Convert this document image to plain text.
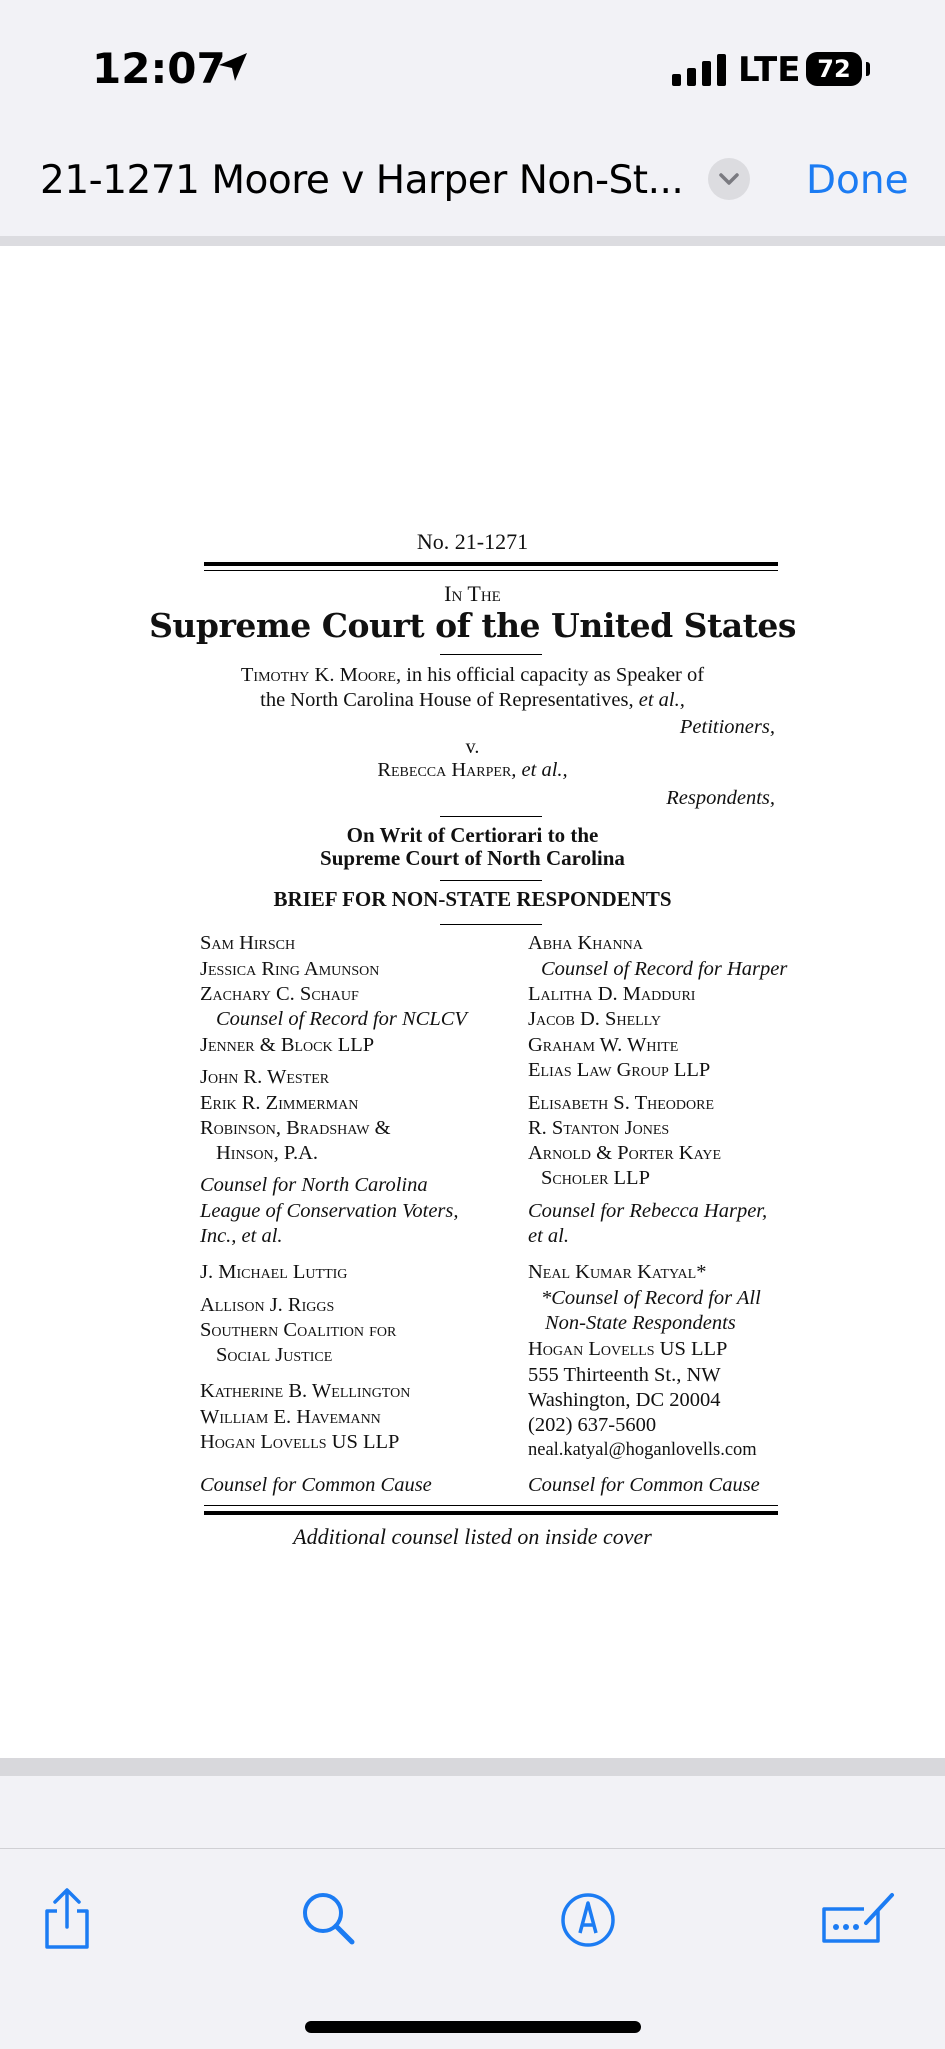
12:07	LTE 72
21-1271 Moore v Harper Non-St...	Done
No. 21-1271
In The
Supreme Court of the United States
Timothy K. Moore, in his official capacity as Speaker of
the North Carolina House of Representatives, et al.,
Petitioners,
v.
Rebecca Harper, et al.,
Respondents,
On Writ of Certiorari to the
Supreme Court of North Carolina
BRIEF FOR NON-STATE RESPONDENTS
Sam Hirsch
Jessica Ring Amunson
Zachary C. Schauf
Counsel of Record for NCLCV
Jenner & Block LLP
John R. Wester
Erik R. Zimmerman
Robinson, Bradshaw &
Hinson, P.A.
Counsel for North Carolina
League of Conservation Voters,
Inc., et al.
J. Michael Luttig
Allison J. Riggs
Southern Coalition for
Social Justice
Katherine B. Wellington
William E. Havemann
Hogan Lovells US LLP
Counsel for Common Cause
Abha Khanna
Counsel of Record for Harper
Lalitha D. Madduri
Jacob D. Shelly
Graham W. White
Elias Law Group LLP
Elisabeth S. Theodore
R. Stanton Jones
Arnold & Porter Kaye
Scholer LLP
Counsel for Rebecca Harper,
et al.
Neal Kumar Katyal*
*Counsel of Record for All
Non-State Respondents
Hogan Lovells US LLP
555 Thirteenth St., NW
Washington, DC 20004
(202) 637-5600
neal.katyal@hoganlovells.com
Counsel for Common Cause
Additional counsel listed on inside cover
